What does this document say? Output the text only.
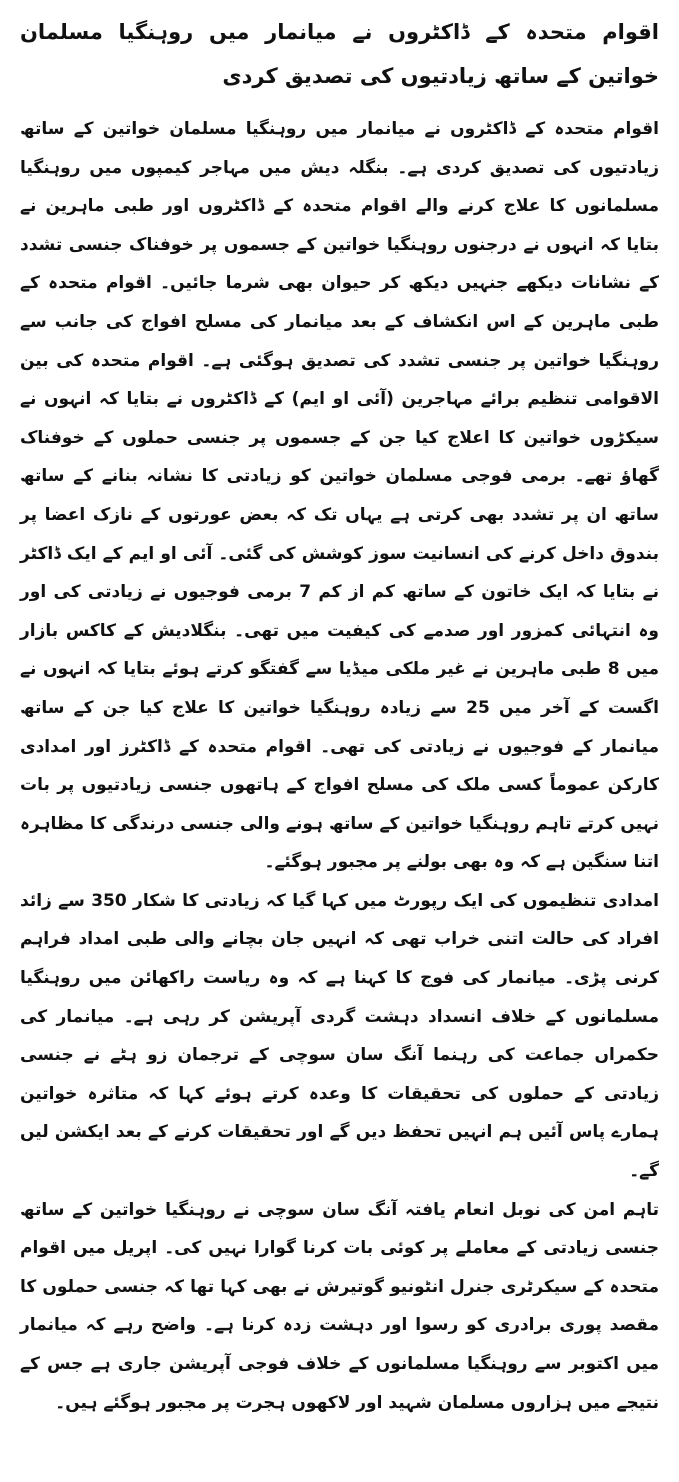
اقوام متحدہ کے ڈاکٹروں نے میانمار میں روہنگیا مسلمان خواتین کے ساتھ زیادتیوں کی تصدیق کردی

اقوام متحدہ کے ڈاکٹروں نے میانمار میں روہنگیا مسلمان خواتین کے ساتھ زیادتیوں کی تصدیق کردی ہے۔ بنگلہ دیش میں مہاجر کیمپوں میں روہنگیا مسلمانوں کا علاج کرنے والے اقوام متحدہ کے ڈاکٹروں اور طبی ماہرین نے بتایا کہ انہوں نے درجنوں روہنگیا خواتین کے جسموں پر خوفناک جنسی تشدد کے نشانات دیکھے جنہیں دیکھ کر حیوان بھی شرما جائیں۔ اقوام متحدہ کے طبی ماہرین کے اس انکشاف کے بعد میانمار کی مسلح افواج کی جانب سے روہنگیا خواتین پر جنسی تشدد کی تصدیق ہوگئی ہے۔ اقوام متحدہ کی بین الاقوامی تنظیم برائے مہاجرین (آئی او ایم) کے ڈاکٹروں نے بتایا کہ انہوں نے سیکڑوں خواتین کا اعلاج کیا جن کے جسموں پر جنسی حملوں کے خوفناک گھاؤ تھے۔ برمی فوجی مسلمان خواتین کو زیادتی کا نشانہ بنانے کے ساتھ ساتھ ان پر تشدد بھی کرتی ہے یہاں تک کہ بعض عورتوں کے نازک اعضا پر بندوق داخل کرنے کی انسانیت سوز کوشش کی گئی۔ آئی او ایم کے ایک ڈاکٹر نے بتایا کہ ایک خاتون کے ساتھ کم از کم 7 برمی فوجیوں نے زیادتی کی اور وہ انتہائی کمزور اور صدمے کی کیفیت میں تھی۔ بنگلادیش کے کاکس بازار میں 8 طبی ماہرین نے غیر ملکی میڈیا سے گفتگو کرتے ہوئے بتایا کہ انہوں نے اگست کے آخر میں 25 سے زیادہ روہنگیا خواتین کا علاج کیا جن کے ساتھ میانمار کے فوجیوں نے زیادتی کی تھی۔ اقوام متحدہ کے ڈاکٹرز اور امدادی کارکن عموماً کسی ملک کی مسلح افواج کے ہاتھوں جنسی زیادتیوں پر بات نہیں کرتے تاہم روہنگیا خواتین کے ساتھ ہونے والی جنسی درندگی کا مظاہرہ اتنا سنگین ہے کہ وہ بھی بولنے پر مجبور ہوگئے۔

امدادی تنظیموں کی ایک رپورٹ میں کہا گیا کہ زیادتی کا شکار 350 سے زائد افراد کی حالت اتنی خراب تھی کہ انہیں جان بچانے والی طبی امداد فراہم کرنی پڑی۔ میانمار کی فوج کا کہنا ہے کہ وہ ریاست راکھائن میں روہنگیا مسلمانوں کے خلاف انسداد دہشت گردی آپریشن کر رہی ہے۔ میانمار کی حکمراں جماعت کی رہنما آنگ سان سوچی کے ترجمان زو ہٹے نے جنسی زیادتی کے حملوں کی تحقیقات کا وعدہ کرتے ہوئے کہا کہ متاثرہ خواتین ہمارے پاس آئیں ہم انہیں تحفظ دیں گے اور تحقیقات کرنے کے بعد ایکشن لیں گے۔

تاہم امن کی نوبل انعام یافتہ آنگ سان سوچی نے روہنگیا خواتین کے ساتھ جنسی زیادتی کے معاملے پر کوئی بات کرنا گوارا نہیں کی۔ اپریل میں اقوام متحدہ کے سیکرٹری جنرل انٹونیو گوتیرش نے بھی کہا تھا کہ جنسی حملوں کا مقصد پوری برادری کو رسوا اور دہشت زدہ کرنا ہے۔ واضح رہے کہ میانمار میں اکتوبر سے روہنگیا مسلمانوں کے خلاف فوجی آپریشن جاری ہے جس کے نتیجے میں ہزاروں مسلمان شہید اور لاکھوں ہجرت پر مجبور ہوگئے ہیں۔
